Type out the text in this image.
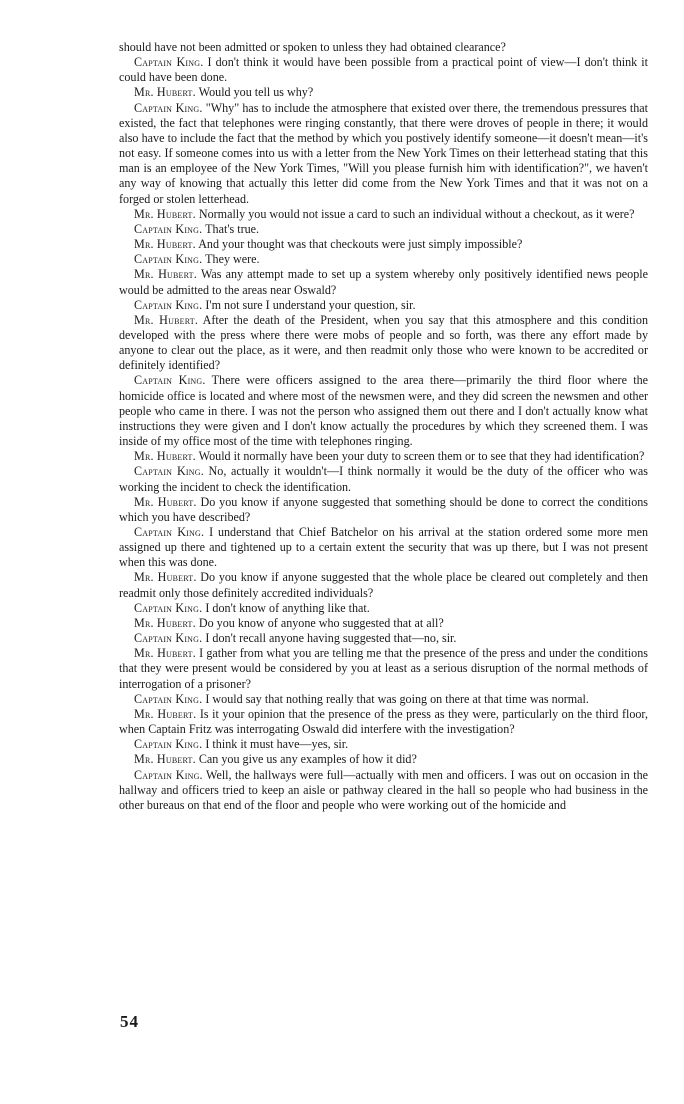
should have not been admitted or spoken to unless they had obtained clearance?

Captain King. I don't think it would have been possible from a practical point of view—I don't think it could have been done.

Mr. Hubert. Would you tell us why?

Captain King. "Why" has to include the atmosphere that existed over there, the tremendous pressures that existed, the fact that telephones were ringing constantly, that there were droves of people in there; it would also have to include the fact that the method by which you postively identify someone—it doesn't mean—it's not easy. If someone comes into us with a letter from the New York Times on their letterhead stating that this man is an employee of the New York Times, "Will you please furnish him with identification?", we haven't any way of knowing that actually this letter did come from the New York Times and that it was not on a forged or stolen letterhead.

Mr. Hubert. Normally you would not issue a card to such an individual without a checkout, as it were?

Captain King. That's true.

Mr. Hubert. And your thought was that checkouts were just simply impossible?

Captain King. They were.

Mr. Hubert. Was any attempt made to set up a system whereby only positively identified news people would be admitted to the areas near Oswald?

Captain King. I'm not sure I understand your question, sir.

Mr. Hubert. After the death of the President, when you say that this atmosphere and this condition developed with the press where there were mobs of people and so forth, was there any effort made by anyone to clear out the place, as it were, and then readmit only those who were known to be accredited or definitely identified?

Captain King. There were officers assigned to the area there—primarily the third floor where the homicide office is located and where most of the newsmen were, and they did screen the newsmen and other people who came in there. I was not the person who assigned them out there and I don't actually know what instructions they were given and I don't know actually the procedures by which they screened them. I was inside of my office most of the time with telephones ringing.

Mr. Hubert. Would it normally have been your duty to screen them or to see that they had identification?

Captain King. No, actually it wouldn't—I think normally it would be the duty of the officer who was working the incident to check the identification.

Mr. Hubert. Do you know if anyone suggested that something should be done to correct the conditions which you have described?

Captain King. I understand that Chief Batchelor on his arrival at the station ordered some more men assigned up there and tightened up to a certain extent the security that was up there, but I was not present when this was done.

Mr. Hubert. Do you know if anyone suggested that the whole place be cleared out completely and then readmit only those definitely accredited individuals?

Captain King. I don't know of anything like that.

Mr. Hubert. Do you know of anyone who suggested that at all?

Captain King. I don't recall anyone having suggested that—no, sir.

Mr. Hubert. I gather from what you are telling me that the presence of the press and under the conditions that they were present would be considered by you at least as a serious disruption of the normal methods of interrogation of a prisoner?

Captain King. I would say that nothing really that was going on there at that time was normal.

Mr. Hubert. Is it your opinion that the presence of the press as they were, particularly on the third floor, when Captain Fritz was interrogating Oswald did interfere with the investigation?

Captain King. I think it must have—yes, sir.

Mr. Hubert. Can you give us any examples of how it did?

Captain King. Well, the hallways were full—actually with men and officers. I was out on occasion in the hallway and officers tried to keep an aisle or pathway cleared in the hall so people who had business in the other bureaus on that end of the floor and people who were working out of the homicide and

54
